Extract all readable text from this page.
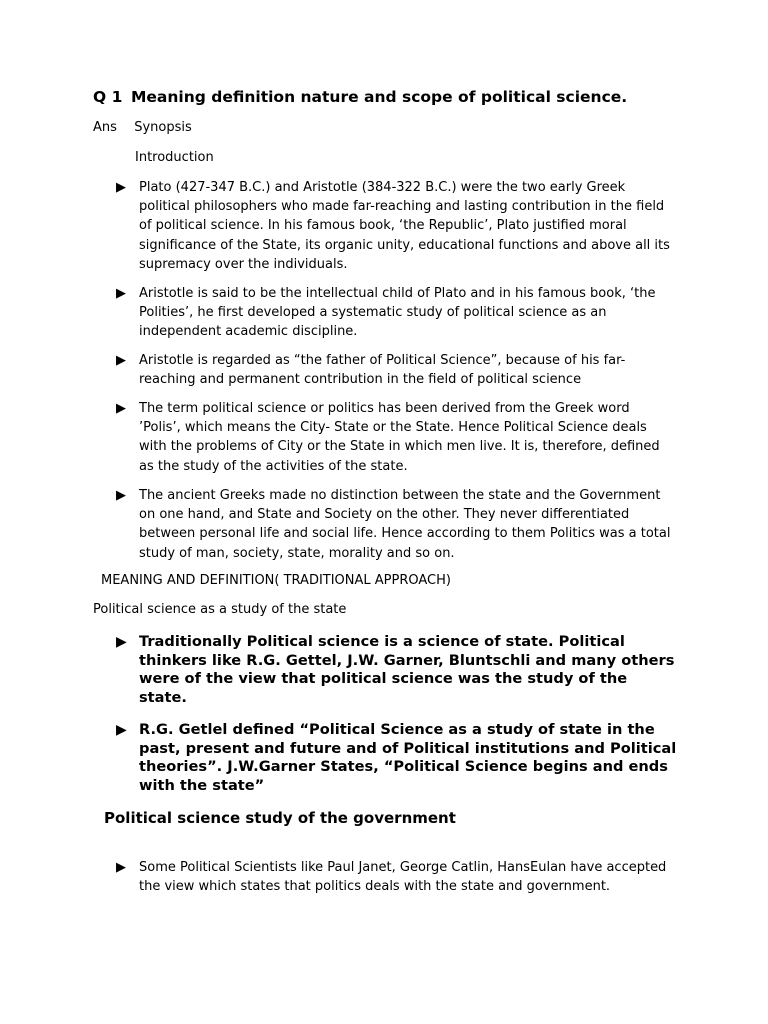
Q 1 Meaning definition nature and scope of political science.
Ans Synopsis
Introduction
▶ Plato (427-347 B.C.) and Aristotle (384-322 B.C.) were the two early Greek political philosophers who made far-reaching and lasting contribution in the field of political science. In his famous book, ‘the Republic’, Plato justified moral significance of the State, its organic unity, educational functions and above all its supremacy over the individuals.
▶ Aristotle is said to be the intellectual child of Plato and in his famous book, ‘the Polities’, he first developed a systematic study of political science as an independent academic discipline.
▶ Aristotle is regarded as “the father of Political Science”, because of his far-reaching and permanent contribution in the field of political science
▶ The term political science or politics has been derived from the Greek word ’Polis’, which means the City- State or the State. Hence Political Science deals with the problems of City or the State in which men live. It is, therefore, defined as the study of the activities of the state.
▶ The ancient Greeks made no distinction between the state and the Government on one hand, and State and Society on the other. They never differentiated between personal life and social life. Hence according to them Politics was a total study of man, society, state, morality and so on.
MEANING AND DEFINITION( TRADITIONAL APPROACH)
Political science as a study of the state
▶ Traditionally Political science is a science of state. Political thinkers like R.G. Gettel, J.W. Garner, Bluntschli and many others were of the view that political science was the study of the state.
▶ R.G. Getlel defined “Political Science as a study of state in the past, present and future and of Political institutions and Political theories”. J.W.Garner States, “Political Science begins and ends with the state”
Political science study of the government
▶ Some Political Scientists like Paul Janet, George Catlin, HansEulan have accepted the view which states that politics deals with the state and government.
